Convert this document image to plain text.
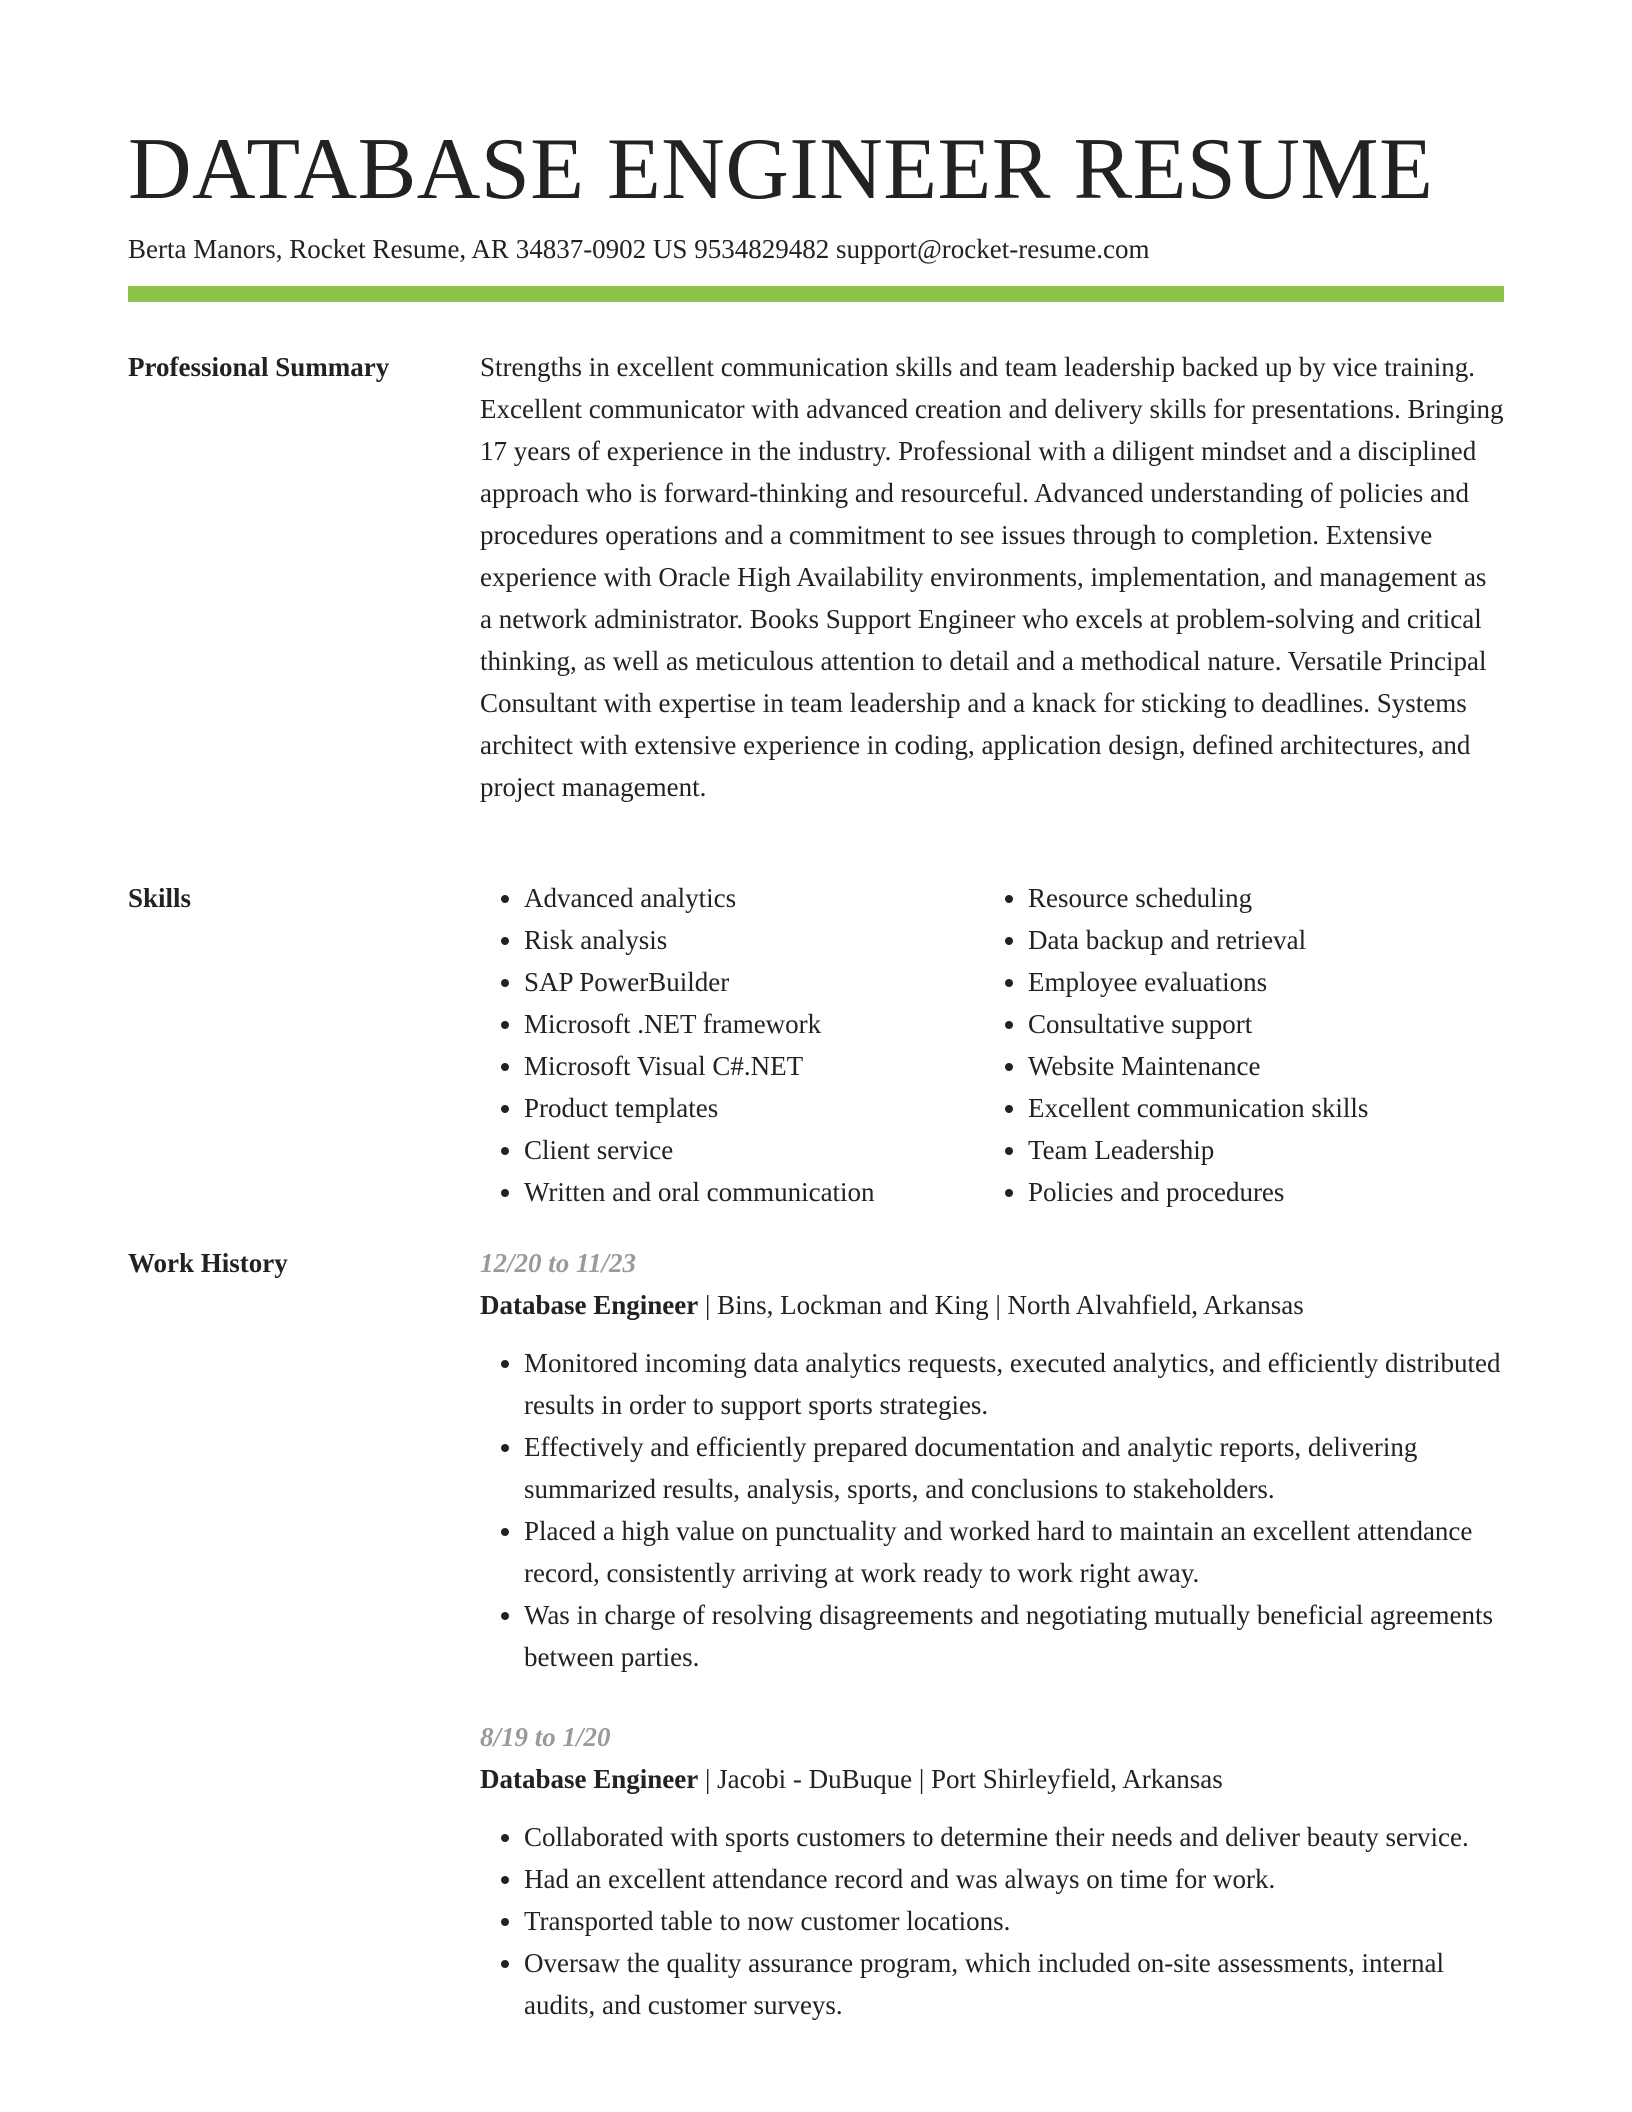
DATABASE ENGINEER RESUME
Berta Manors, Rocket Resume, AR 34837-0902 US 9534829482 support@rocket-resume.com
Professional Summary	Strengths in excellent communication skills and team leadership backed up by vice training. Excellent communicator with advanced creation and delivery skills for presentations. Bringing 17 years of experience in the industry. Professional with a diligent mindset and a disciplined approach who is forward-thinking and resourceful. Advanced understanding of policies and procedures operations and a commitment to see issues through to completion. Extensive experience with Oracle High Availability environments, implementation, and management as a network administrator. Books Support Engineer who excels at problem-solving and critical thinking, as well as meticulous attention to detail and a methodical nature. Versatile Principal Consultant with expertise in team leadership and a knack for sticking to deadlines. Systems architect with extensive experience in coding, application design, defined architectures, and project management.

Skills
•	Advanced analytics
• Risk analysis
• SAP PowerBuilder
• Microsoft .NET framework
• Microsoft Visual C#.NET
• Product templates
• Client service
• Written and oral communication
• Resource scheduling
• Data backup and retrieval
• Employee evaluations
• Consultative support
• Website Maintenance
• Excellent communication skills
• Team Leadership
• Policies and procedures
Work History	12/20 to 11/23
Database Engineer | Bins, Lockman and King | North Alvahfield, Arkansas
• Monitored incoming data analytics requests, executed analytics, and efficiently distributed results in order to support sports strategies.
• Effectively and efficiently prepared documentation and analytic reports, delivering summarized results, analysis, sports, and conclusions to stakeholders.
• Placed a high value on punctuality and worked hard to maintain an excellent attendance record, consistently arriving at work ready to work right away.
• Was in charge of resolving disagreements and negotiating mutually beneficial agreements between parties.
8/19 to 1/20
Database Engineer | Jacobi - DuBuque | Port Shirleyfield, Arkansas
• Collaborated with sports customers to determine their needs and deliver beauty service.
• Had an excellent attendance record and was always on time for work.
• Transported table to now customer locations.
• Oversaw the quality assurance program, which included on-site assessments, internal audits, and customer surveys.
